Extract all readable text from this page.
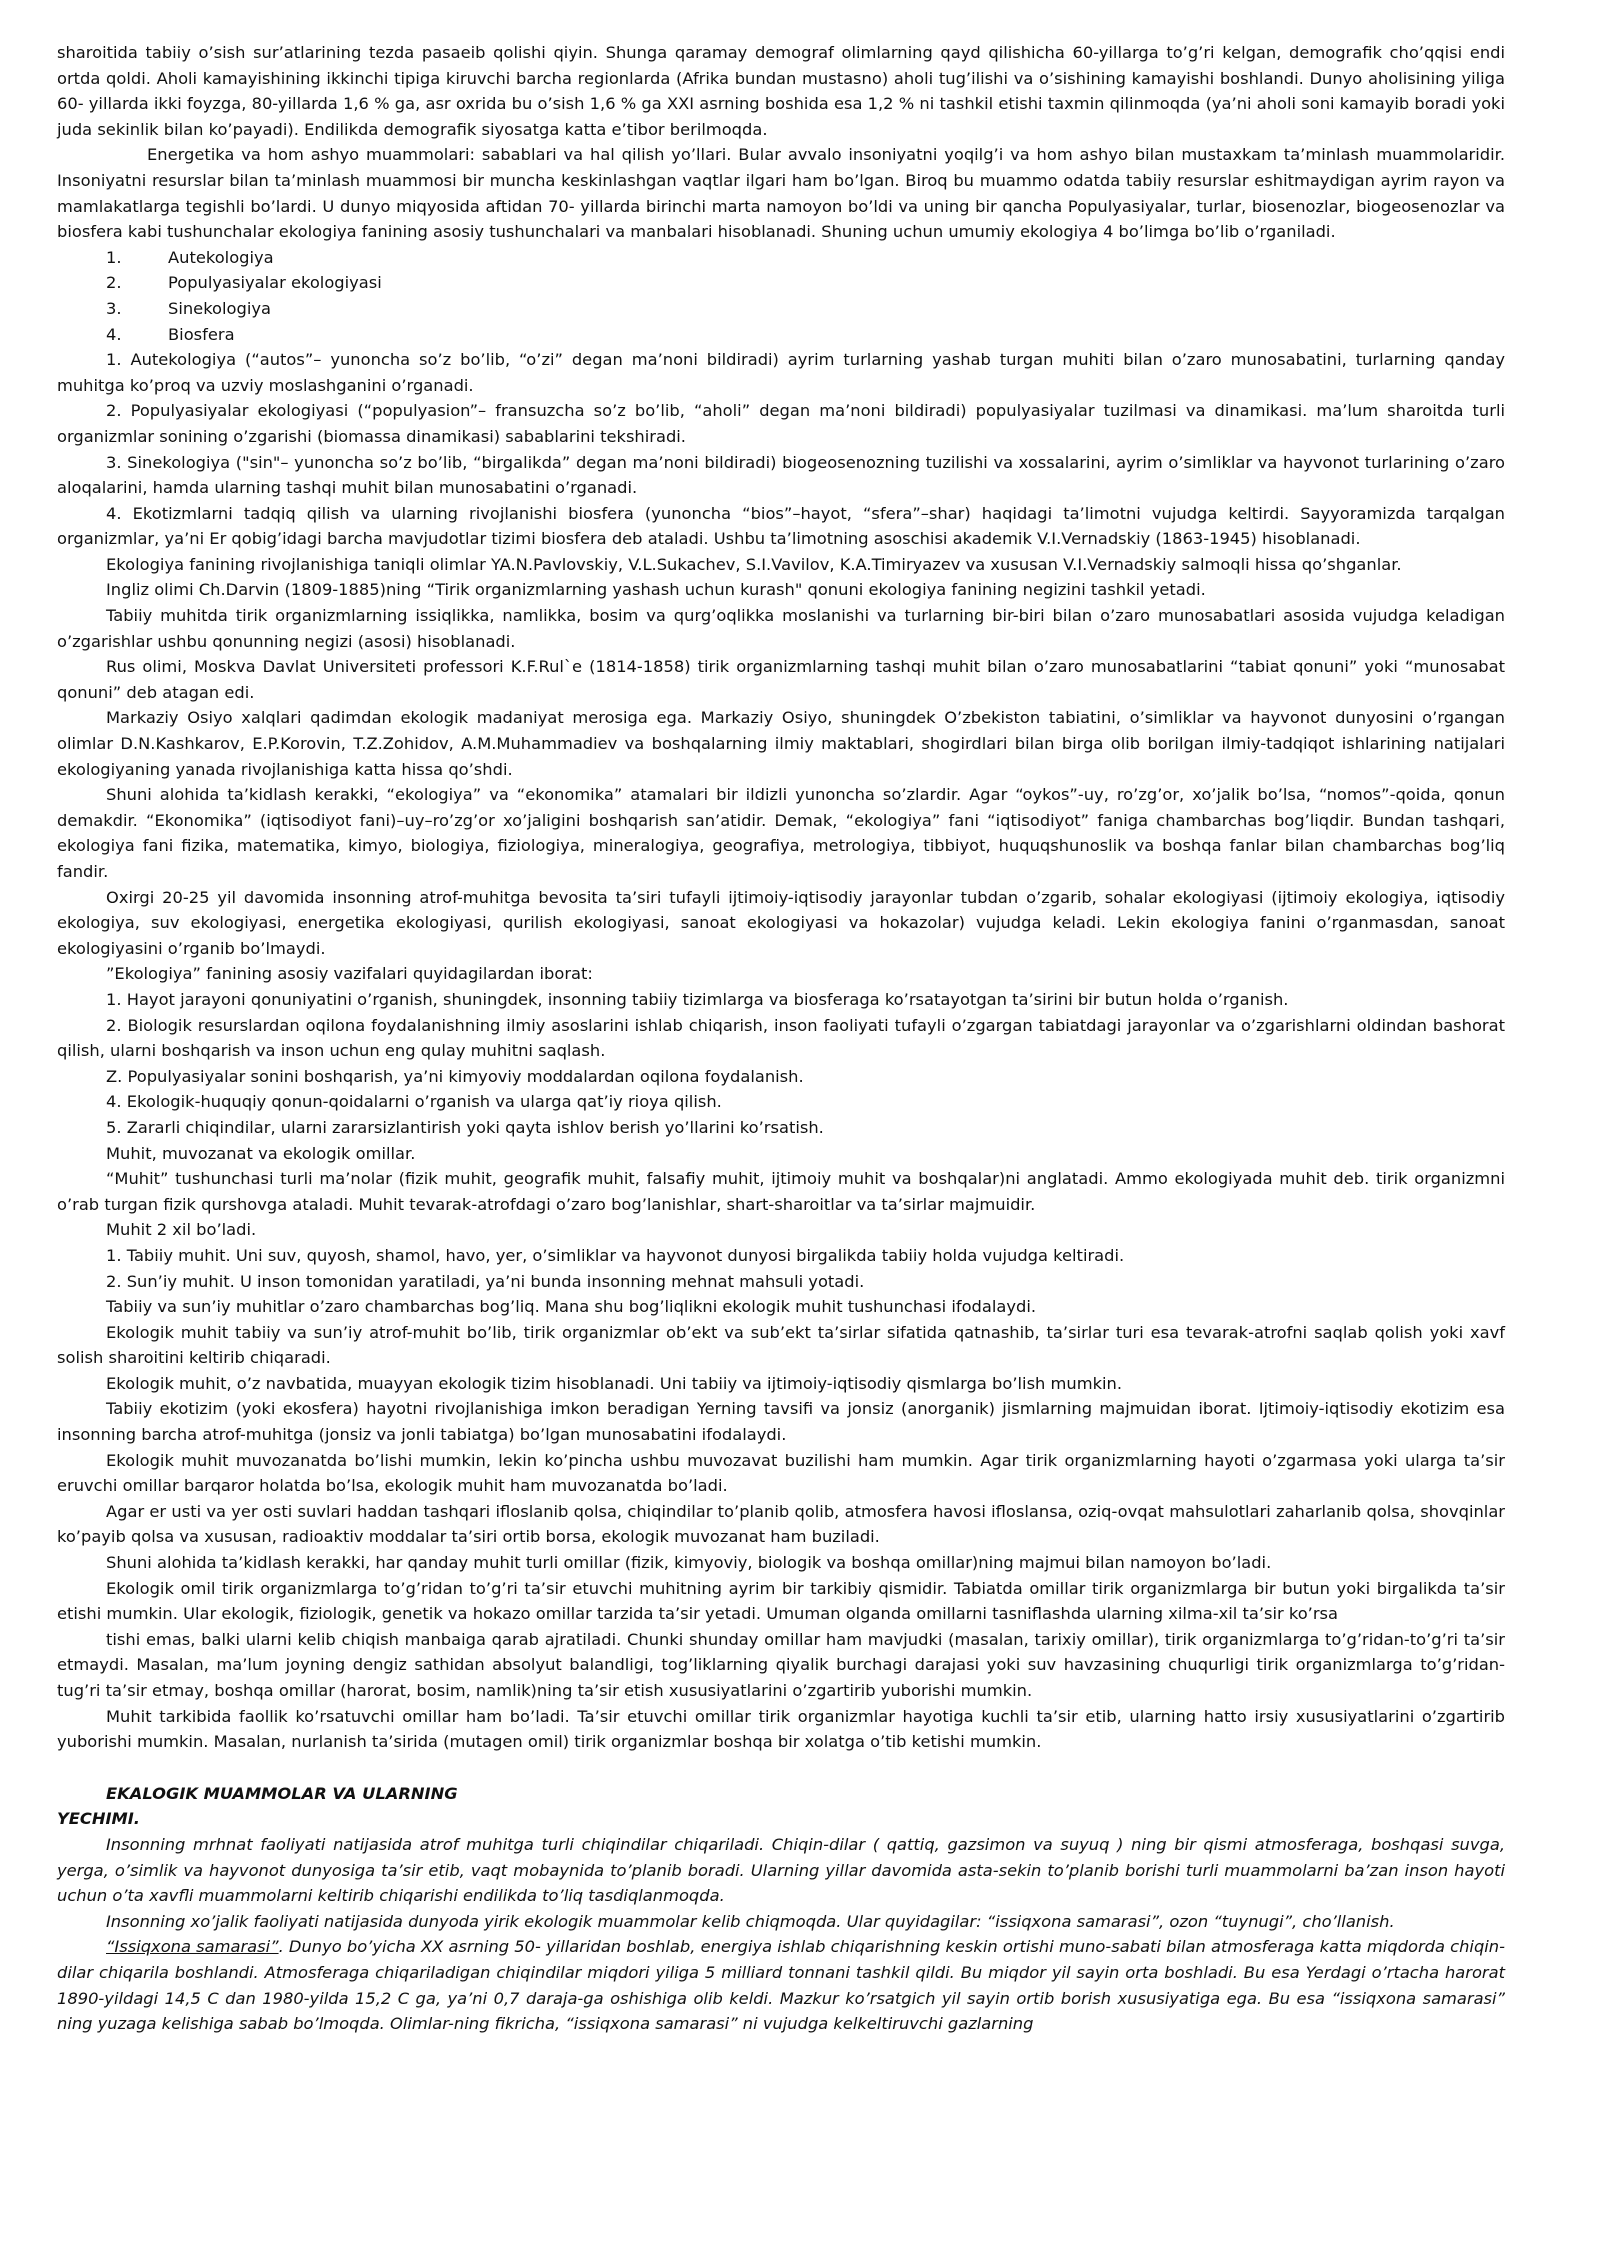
sharoitida tabiiy o’sish sur’atlarining tezda pasaeib qolishi qiyin. Shunga qaramay demograf olimlarning qayd qilishicha 60-yillarga to’g’ri kelgan, demografik cho’qqisi endi ortda qoldi. Aholi kamayishining ikkinchi tipiga kiruvchi barcha regionlarda (Afrika bundan mustasno) aholi tug’ilishi va o’sishining kamayishi boshlandi. Dunyo aholisining yiliga 60- yillarda ikki foyzga, 80-yillarda 1,6 % ga, asr oxrida bu o’sish 1,6 % ga XXI asrning boshida esa 1,2 % ni tashkil etishi taxmin qilinmoqda (ya’ni aholi soni kamayib boradi yoki juda sekinlik bilan ko’payadi). Endilikda demografik siyosatga katta e’tibor berilmoqda.

Energetika va hom ashyo muammolari: sabablari va hal qilish yo’llari. Bular avvalo insoniyatni yoqilg’i va hom ashyo bilan mustaxkam ta’minlash muammolaridir. Insoniyatni resurslar bilan ta’minlash muammosi bir muncha keskinlashgan vaqtlar ilgari ham bo’lgan. Biroq bu muammo odatda tabiiy resurslar eshitmaydigan ayrim rayon va mamlakatlarga tegishli bo’lardi. U dunyo miqyosida aftidan 70- yillarda birinchi marta namoyon bo’ldi va uning bir qancha Populyasiyalar, turlar, biosenozlar, biogeosenozlar va biosfera kabi tushunchalar ekologiya fanining asosiy tushunchalari va manbalari hisoblanadi. Shuning uchun umumiy ekologiya 4 bo’limga bo’lib o’rganiladi.

1.	Autekologiya
2.	Populyasiyalar ekologiyasi
3.	Sinekologiya
4.	Biosfera

1. Autekologiya (“autos”– yunoncha so’z bo’lib, “o’zi” degan ma’noni bildiradi) ayrim turlarning yashab turgan muhiti bilan o’zaro munosabatini, turlarning qanday muhitga ko’proq va uzviy moslashganini o’rganadi.

2. Populyasiyalar ekologiyasi (“populyasion”– fransuzcha so’z bo’lib, “aholi” degan ma’noni bildiradi) populyasiyalar tuzilmasi va dinamikasi. ma’lum sharoitda turli organizmlar sonining o’zgarishi (biomassa dinamikasi) sabablarini tekshiradi.

3. Sinekologiya ("sin"– yunoncha so’z bo’lib, “birgalikda” degan ma’noni bildiradi) biogeosenozning tuzilishi va xossalarini, ayrim o’simliklar va hayvonot turlarining o’zaro aloqalarini, hamda ularning tashqi muhit bilan munosabatini o’rganadi.

4. Ekotizmlarni tadqiq qilish va ularning rivojlanishi biosfera (yunoncha “bios”–hayot, “sfera”–shar) haqidagi ta’limotni vujudga keltirdi. Sayyoramizda tarqalgan organizmlar, ya’ni Er qobig’idagi barcha mavjudotlar tizimi biosfera deb ataladi. Ushbu ta’limotning asoschisi akademik V.I.Vernadskiy (1863-1945) hisoblanadi.

Ekologiya fanining rivojlanishiga taniqli olimlar YA.N.Pavlovskiy, V.L.Sukachev, S.I.Vavilov, K.A.Timiryazev va xususan V.I.Vernadskiy salmoqli hissa qo’shganlar.

Ingliz olimi Ch.Darvin (1809-1885)ning “Tirik organizmlarning yashash uchun kurash" qonuni ekologiya fanining negizini tashkil yetadi.

Tabiiy muhitda tirik organizmlarning issiqlikka, namlikka, bosim va qurg’oqlikka moslanishi va turlarning bir-biri bilan o’zaro munosabatlari asosida vujudga keladigan o’zgarishlar ushbu qonunning negizi (asosi) hisoblanadi.

Rus olimi, Moskva Davlat Universiteti professori K.F.Rul`e (1814-1858) tirik organizmlarning tashqi muhit bilan o’zaro munosabatlarini “tabiat qonuni” yoki “munosabat qonuni” deb atagan edi.

Markaziy Osiyo xalqlari qadimdan ekologik madaniyat merosiga ega. Markaziy Osiyo, shuningdek O’zbekiston tabiatini, o’simliklar va hayvonot dunyosini o’rgangan olimlar D.N.Kashkarov, E.P.Korovin, T.Z.Zohidov, A.M.Muhammadiev va boshqalarning ilmiy maktablari, shogirdlari bilan birga olib borilgan ilmiy-tadqiqot ishlarining natijalari ekologiyaning yanada rivojlanishiga katta hissa qo’shdi.

Shuni alohida ta’kidlash kerakki, “ekologiya” va “ekonomika” atamalari bir ildizli yunoncha so’zlardir. Agar “oykos”-uy, ro’zg’or, xo’jalik bo’lsa, “nomos”-qoida, qonun demakdir. “Ekonomika” (iqtisodiyot fani)–uy–ro’zg’or xo’jaligini boshqarish san’atidir. Demak, “ekologiya” fani “iqtisodiyot” faniga chambarchas bog’liqdir. Bundan tashqari, ekologiya fani fizika, matematika, kimyo, biologiya, fiziologiya, mineralogiya, geografiya, metrologiya, tibbiyot, huquqshunoslik va boshqa fanlar bilan chambarchas bog’liq fandir.

Oxirgi 20-25 yil davomida insonning atrof-muhitga bevosita ta’siri tufayli ijtimoiy-iqtisodiy jarayonlar tubdan o’zgarib, sohalar ekologiyasi (ijtimoiy ekologiya, iqtisodiy ekologiya, suv ekologiyasi, energetika ekologiyasi, qurilish ekologiyasi, sanoat ekologiyasi va hokazolar) vujudga keladi. Lekin ekologiya fanini o’rganmasdan, sanoat ekologiyasini o’rganib bo’lmaydi.

”Ekologiya” fanining asosiy vazifalari quyidagilardan iborat:

1. Hayot jarayoni qonuniyatini o’rganish, shuningdek, insonning tabiiy tizimlarga va biosferaga ko’rsatayotgan ta’sirini bir butun holda o’rganish.

2. Biologik resurslardan oqilona foydalanishning ilmiy asoslarini ishlab chiqarish, inson faoliyati tufayli o’zgargan tabiatdagi jarayonlar va o’zgarishlarni oldindan bashorat qilish, ularni boshqarish va inson uchun eng qulay muhitni saqlash.

Z. Populyasiyalar sonini boshqarish, ya’ni kimyoviy moddalardan oqilona foydalanish.

4. Ekologik-huquqiy qonun-qoidalarni o’rganish va ularga qat’iy rioya qilish.

5. Zararli chiqindilar, ularni zararsizlantirish yoki qayta ishlov berish yo’llarini ko’rsatish.

Muhit, muvozanat va ekologik omillar.

“Muhit” tushunchasi turli ma’nolar (fizik muhit, geografik muhit, falsafiy muhit, ijtimoiy muhit va boshqalar)ni anglatadi. Ammo ekologiyada muhit deb. tirik organizmni o’rab turgan fizik qurshovga ataladi. Muhit tevarak-atrofdagi o’zaro bog’lanishlar, shart-sharoitlar va ta’sirlar majmuidir.

Muhit 2 xil bo’ladi.

1. Tabiiy muhit. Uni suv, quyosh, shamol, havo, yer, o’simliklar va hayvonot dunyosi birgalikda tabiiy holda vujudga keltiradi.

2. Sun’iy muhit. U inson tomonidan yaratiladi, ya’ni bunda insonning mehnat mahsuli yotadi.

Tabiiy va sun’iy muhitlar o’zaro chambarchas bog’liq. Mana shu bog’liqlikni ekologik muhit tushunchasi ifodalaydi.

Ekologik muhit tabiiy va sun’iy atrof-muhit bo’lib, tirik organizmlar ob’ekt va sub’ekt ta’sirlar sifatida qatnashib, ta’sirlar turi esa tevarak-atrofni saqlab qolish yoki xavf solish sharoitini keltirib chiqaradi.

Ekologik muhit, o’z navbatida, muayyan ekologik tizim hisoblanadi. Uni tabiiy va ijtimoiy-iqtisodiy qismlarga bo’lish mumkin.

Tabiiy ekotizim (yoki ekosfera) hayotni rivojlanishiga imkon beradigan Yerning tavsifi va jonsiz (anorganik) jismlarning majmuidan iborat. Ijtimoiy-iqtisodiy ekotizim esa insonning barcha atrof-muhitga (jonsiz va jonli tabiatga) bo’lgan munosabatini ifodalaydi.

Ekologik muhit muvozanatda bo’lishi mumkin, lekin ko’pincha ushbu muvozavat buzilishi ham mumkin. Agar tirik organizmlarning hayoti o’zgarmasa yoki ularga ta’sir eruvchi omillar barqaror holatda bo’lsa, ekologik muhit ham muvozanatda bo’ladi.

Agar er usti va yer osti suvlari haddan tashqari ifloslanib qolsa, chiqindilar to’planib qolib, atmosfera havosi ifloslansa, oziq-ovqat mahsulotlari zaharlanib qolsa, shovqinlar ko’payib qolsa va xususan, radioaktiv moddalar ta’siri ortib borsa, ekologik muvozanat ham buziladi.

Shuni alohida ta’kidlash kerakki, har qanday muhit turli omillar (fizik, kimyoviy, biologik va boshqa omillar)ning majmui bilan namoyon bo’ladi.

Ekologik omil tirik organizmlarga to’g’ridan to’g’ri ta’sir etuvchi muhitning ayrim bir tarkibiy qismidir. Tabiatda omillar tirik organizmlarga bir butun yoki birgalikda ta’sir etishi mumkin. Ular ekologik, fiziologik, genetik va hokazo omillar tarzida ta’sir yetadi. Umuman olganda omillarni tasniflashda ularning xilma-xil ta’sir ko’rsa

tishi emas, balki ularni kelib chiqish manbaiga qarab ajratiladi. Chunki shunday omillar ham mavjudki (masalan, tarixiy omillar), tirik organizmlarga to’g’ridan-to’g’ri ta’sir etmaydi. Masalan, ma’lum joyning dengiz sathidan absolyut balandligi, tog’liklarning qiyalik burchagi darajasi yoki suv havzasining chuqurligi tirik organizmlarga to’g’ridan-tug’ri ta’sir etmay, boshqa omillar (harorat, bosim, namlik)ning ta’sir etish xususiyatlarini o’zgartirib yuborishi mumkin.

Muhit tarkibida faollik ko’rsatuvchi omillar ham bo’ladi. Ta’sir etuvchi omillar tirik organizmlar hayotiga kuchli ta’sir etib, ularning hatto irsiy xususiyatlarini o’zgartirib yuborishi mumkin. Masalan, nurlanish ta’sirida (mutagen omil) tirik organizmlar boshqa bir xolatga o’tib ketishi mumkin.

EKALOGIK MUAMMOLAR VA ULARNING

YECHIMI.

Insonning mrhnat faoliyati natijasida atrof muhitga turli chiqindilar chiqariladi. Chiqin-dilar ( qattiq, gazsimon va suyuq ) ning bir qismi atmosferaga, boshqasi suvga, yerga, o’simlik va hayvonot dunyosiga ta’sir etib, vaqt mobaynida to’planib boradi. Ularning yillar davomida asta-sekin to’planib borishi turli muammolarni ba’zan inson hayoti uchun o’ta xavfli muammolarni keltirib chiqarishi endilikda to’liq tasdiqlanmoqda.

Insonning xo’jalik faoliyati natijasida dunyoda yirik ekologik muammolar kelib chiqmoqda. Ular quyidagilar: “issiqxona samarasi”, ozon “tuynugi”, cho’llanish.

“Issiqxona samarasi”. Dunyo bo’yicha XX asrning 50- yillaridan boshlab, energiya ishlab chiqarishning keskin ortishi muno-sabati bilan atmosferaga katta miqdorda chiqin-dilar chiqarila boshlandi. Atmosferaga chiqariladigan chiqindilar miqdori yiliga 5 milliard tonnani tashkil qildi. Bu miqdor yil sayin orta boshladi. Bu esa Yerdagi o’rtacha harorat 1890-yildagi 14,5 C dan 1980-yilda 15,2 C ga, ya’ni 0,7 daraja-ga oshishiga olib keldi. Mazkur ko’rsatgich yil sayin ortib borish xususiyatiga ega. Bu esa “issiqxona samarasi” ning yuzaga kelishiga sabab bo’lmoqda. Olimlar-ning fikricha, “issiqxona samarasi” ni vujudga kelkeltiruvchi gazlarning
